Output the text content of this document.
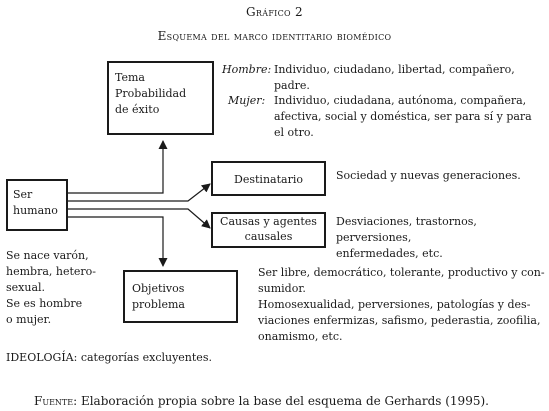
Gráfico 2
Esquema del marco identitario biomédico
Tema
Probabilidad
de éxito
Ser
humano
Destinatario
Causas y agentes
causales
Objetivos
problema
Hombre: Individuo, ciudadano, libertad, compañero,
padre.
Mujer: Individuo, ciudadana, autónoma, compañera,
afectiva, social y doméstica, ser para sí y para
el otro.
Sociedad y nuevas generaciones.
Desviaciones, trastornos, perversiones,
enfermedades, etc.
Se nace varón,
hembra, hetero-
sexual.
Se es hombre
o mujer.
Ser libre, democrático, tolerante, productivo y con-
sumidor.
Homosexualidad, perversiones, patologías y des-
viaciones enfermizas, safismo, pederastia, zoofilia,
onamismo, etc.
IDEOLOGÍA: categorías excluyentes.
Fuente: Elaboración propia sobre la base del esquema de Gerhards (1995).
